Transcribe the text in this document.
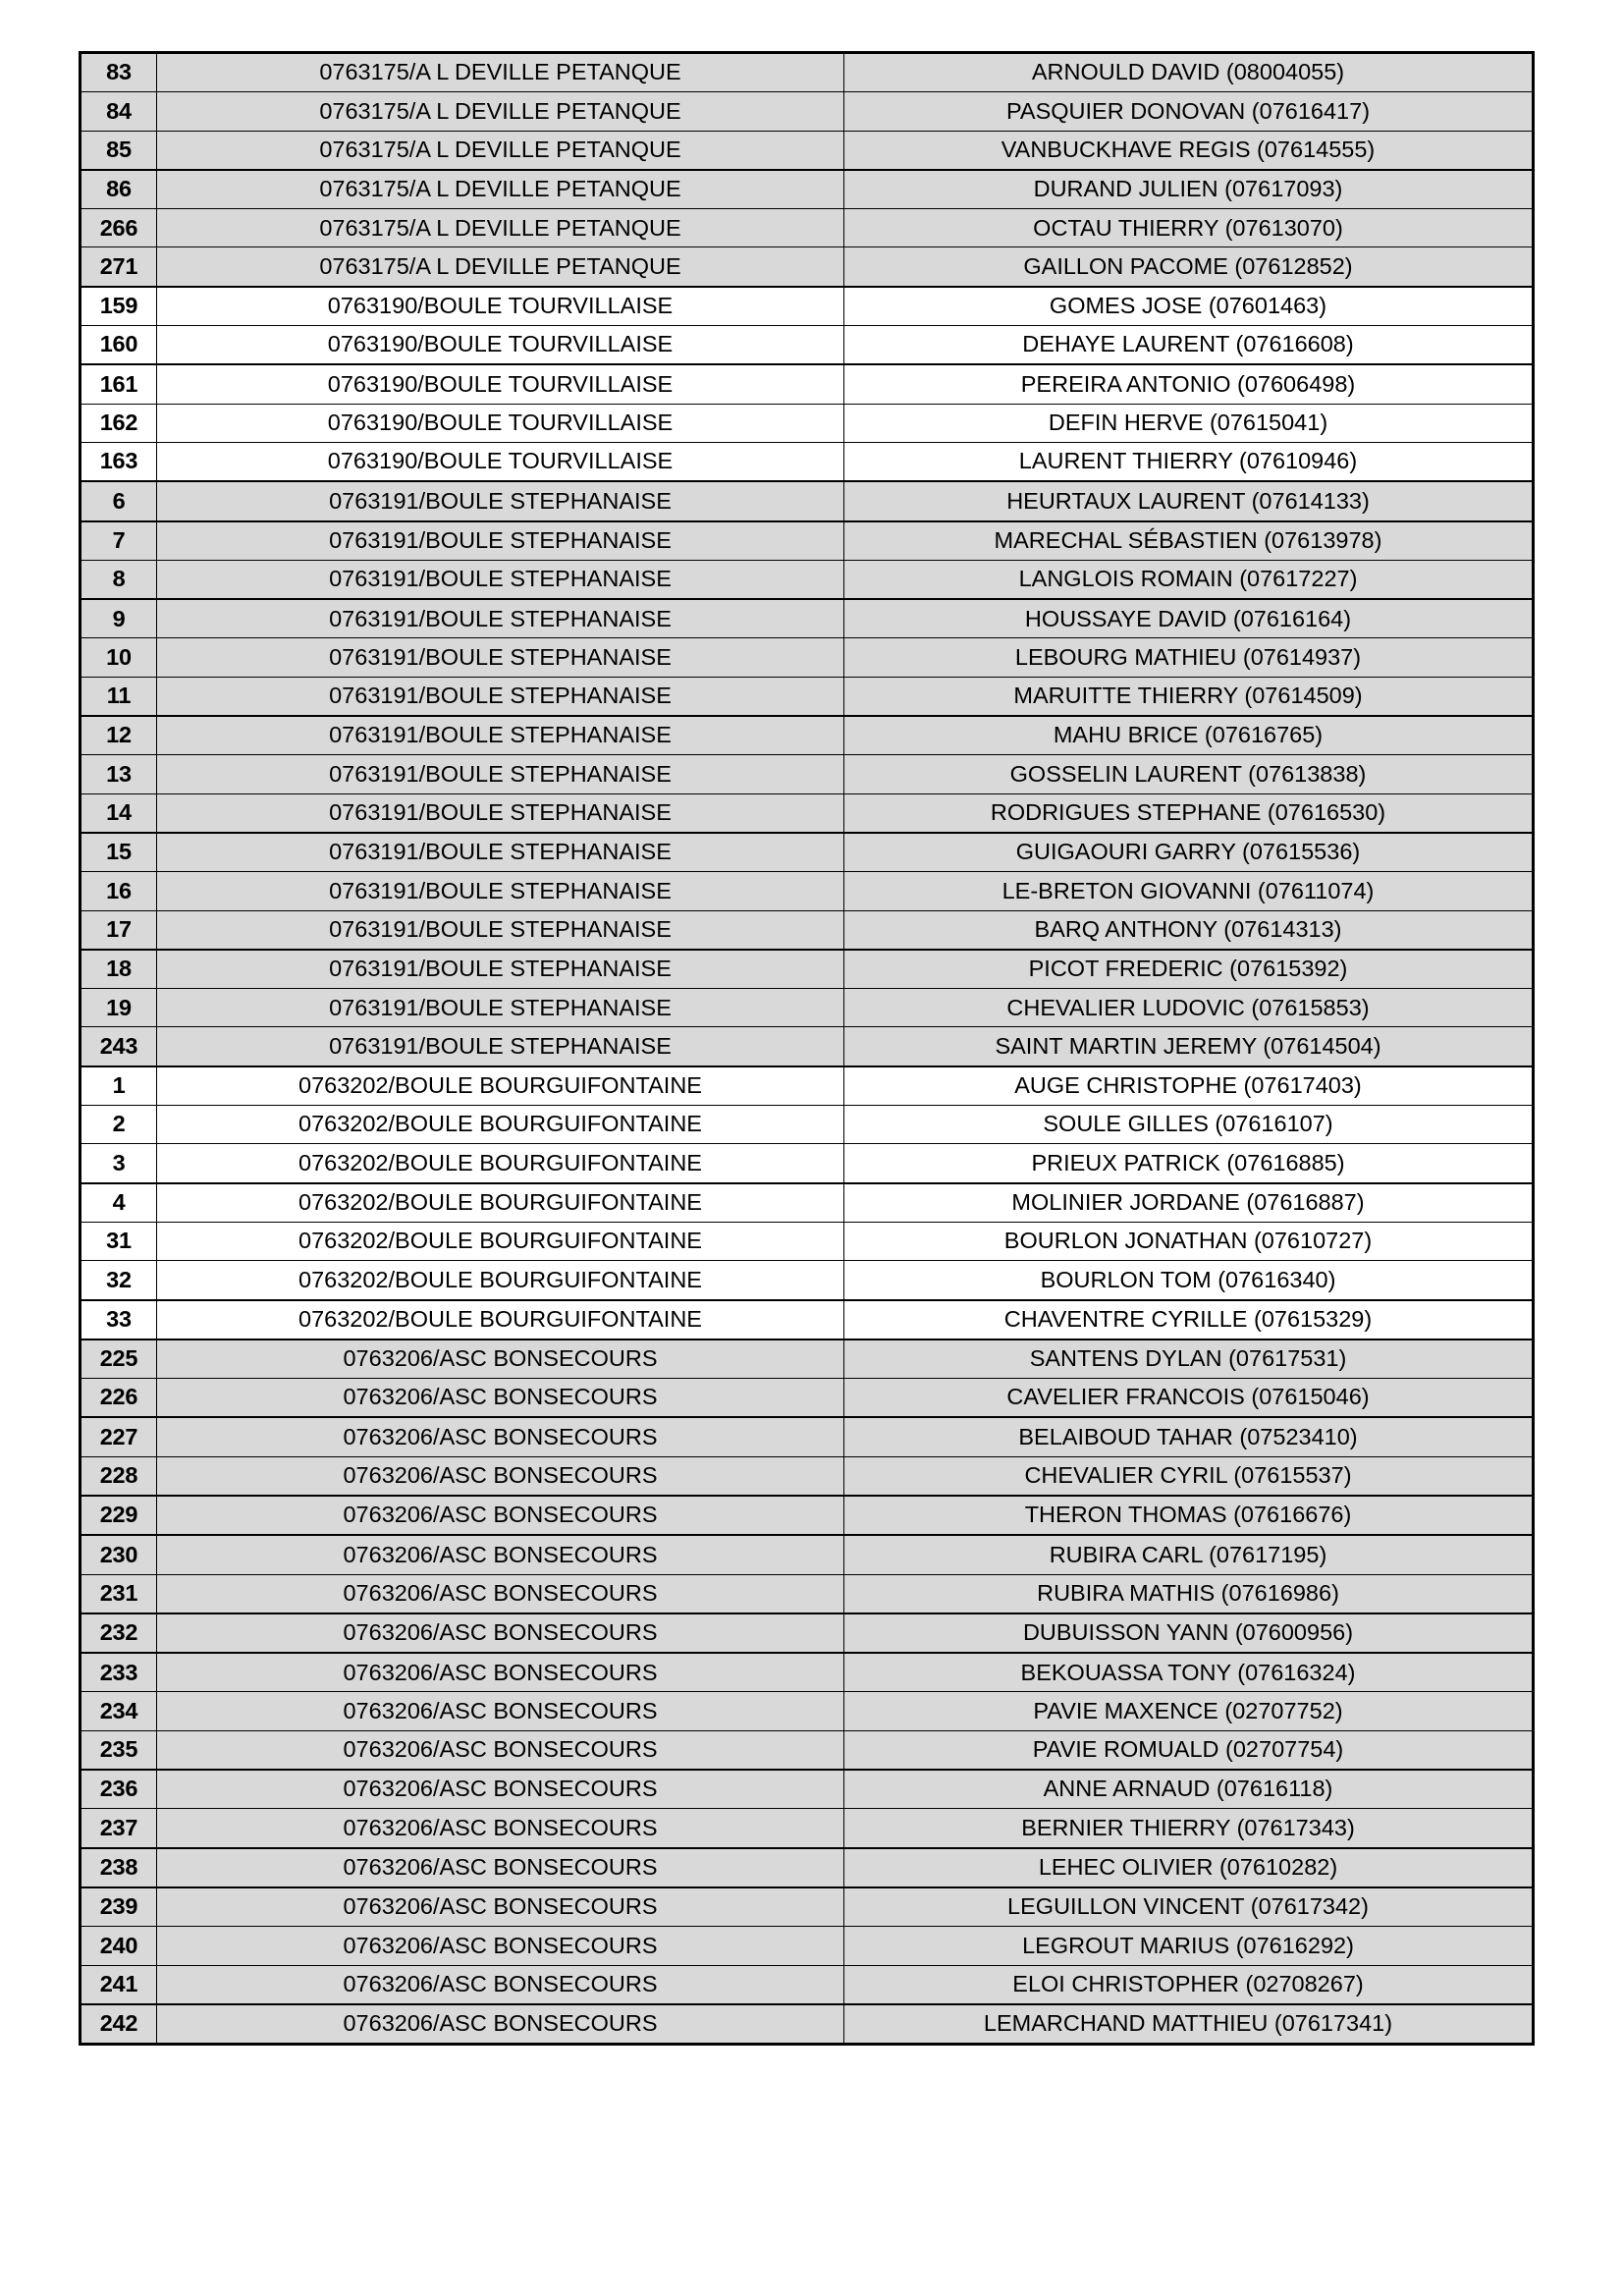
83	0763175/A L DEVILLE PETANQUE	ARNOULD DAVID (08004055)
84	0763175/A L DEVILLE PETANQUE	PASQUIER DONOVAN (07616417)
85	0763175/A L DEVILLE PETANQUE	VANBUCKHAVE REGIS (07614555)
86	0763175/A L DEVILLE PETANQUE	DURAND JULIEN (07617093)
266	0763175/A L DEVILLE PETANQUE	OCTAU THIERRY (07613070)
271	0763175/A L DEVILLE PETANQUE	GAILLON PACOME (07612852)
159	0763190/BOULE TOURVILLAISE	GOMES JOSE (07601463)
160	0763190/BOULE TOURVILLAISE	DEHAYE LAURENT (07616608)
161	0763190/BOULE TOURVILLAISE	PEREIRA ANTONIO (07606498)
162	0763190/BOULE TOURVILLAISE	DEFIN HERVE (07615041)
163	0763190/BOULE TOURVILLAISE	LAURENT THIERRY (07610946)
6	0763191/BOULE STEPHANAISE	HEURTAUX LAURENT (07614133)
7	0763191/BOULE STEPHANAISE	MARECHAL SÉBASTIEN (07613978)
8	0763191/BOULE STEPHANAISE	LANGLOIS ROMAIN (07617227)
9	0763191/BOULE STEPHANAISE	HOUSSAYE DAVID (07616164)
10	0763191/BOULE STEPHANAISE	LEBOURG MATHIEU (07614937)
11	0763191/BOULE STEPHANAISE	MARUITTE THIERRY (07614509)
12	0763191/BOULE STEPHANAISE	MAHU BRICE (07616765)
13	0763191/BOULE STEPHANAISE	GOSSELIN LAURENT (07613838)
14	0763191/BOULE STEPHANAISE	RODRIGUES STEPHANE (07616530)
15	0763191/BOULE STEPHANAISE	GUIGAOURI GARRY (07615536)
16	0763191/BOULE STEPHANAISE	LE-BRETON GIOVANNI (07611074)
17	0763191/BOULE STEPHANAISE	BARQ ANTHONY (07614313)
18	0763191/BOULE STEPHANAISE	PICOT FREDERIC (07615392)
19	0763191/BOULE STEPHANAISE	CHEVALIER LUDOVIC (07615853)
243	0763191/BOULE STEPHANAISE	SAINT MARTIN JEREMY (07614504)
1	0763202/BOULE BOURGUIFONTAINE	AUGE CHRISTOPHE (07617403)
2	0763202/BOULE BOURGUIFONTAINE	SOULE GILLES (07616107)
3	0763202/BOULE BOURGUIFONTAINE	PRIEUX PATRICK (07616885)
4	0763202/BOULE BOURGUIFONTAINE	MOLINIER JORDANE (07616887)
31	0763202/BOULE BOURGUIFONTAINE	BOURLON JONATHAN (07610727)
32	0763202/BOULE BOURGUIFONTAINE	BOURLON TOM (07616340)
33	0763202/BOULE BOURGUIFONTAINE	CHAVENTRE CYRILLE (07615329)
225	0763206/ASC BONSECOURS	SANTENS DYLAN (07617531)
226	0763206/ASC BONSECOURS	CAVELIER FRANCOIS (07615046)
227	0763206/ASC BONSECOURS	BELAIBOUD TAHAR (07523410)
228	0763206/ASC BONSECOURS	CHEVALIER CYRIL (07615537)
229	0763206/ASC BONSECOURS	THERON THOMAS (07616676)
230	0763206/ASC BONSECOURS	RUBIRA CARL (07617195)
231	0763206/ASC BONSECOURS	RUBIRA MATHIS (07616986)
232	0763206/ASC BONSECOURS	DUBUISSON YANN (07600956)
233	0763206/ASC BONSECOURS	BEKOUASSA TONY (07616324)
234	0763206/ASC BONSECOURS	PAVIE MAXENCE (02707752)
235	0763206/ASC BONSECOURS	PAVIE ROMUALD (02707754)
236	0763206/ASC BONSECOURS	ANNE ARNAUD (07616118)
237	0763206/ASC BONSECOURS	BERNIER THIERRY (07617343)
238	0763206/ASC BONSECOURS	LEHEC OLIVIER (07610282)
239	0763206/ASC BONSECOURS	LEGUILLON VINCENT (07617342)
240	0763206/ASC BONSECOURS	LEGROUT MARIUS (07616292)
241	0763206/ASC BONSECOURS	ELOI CHRISTOPHER (02708267)
242	0763206/ASC BONSECOURS	LEMARCHAND MATTHIEU (07617341)
